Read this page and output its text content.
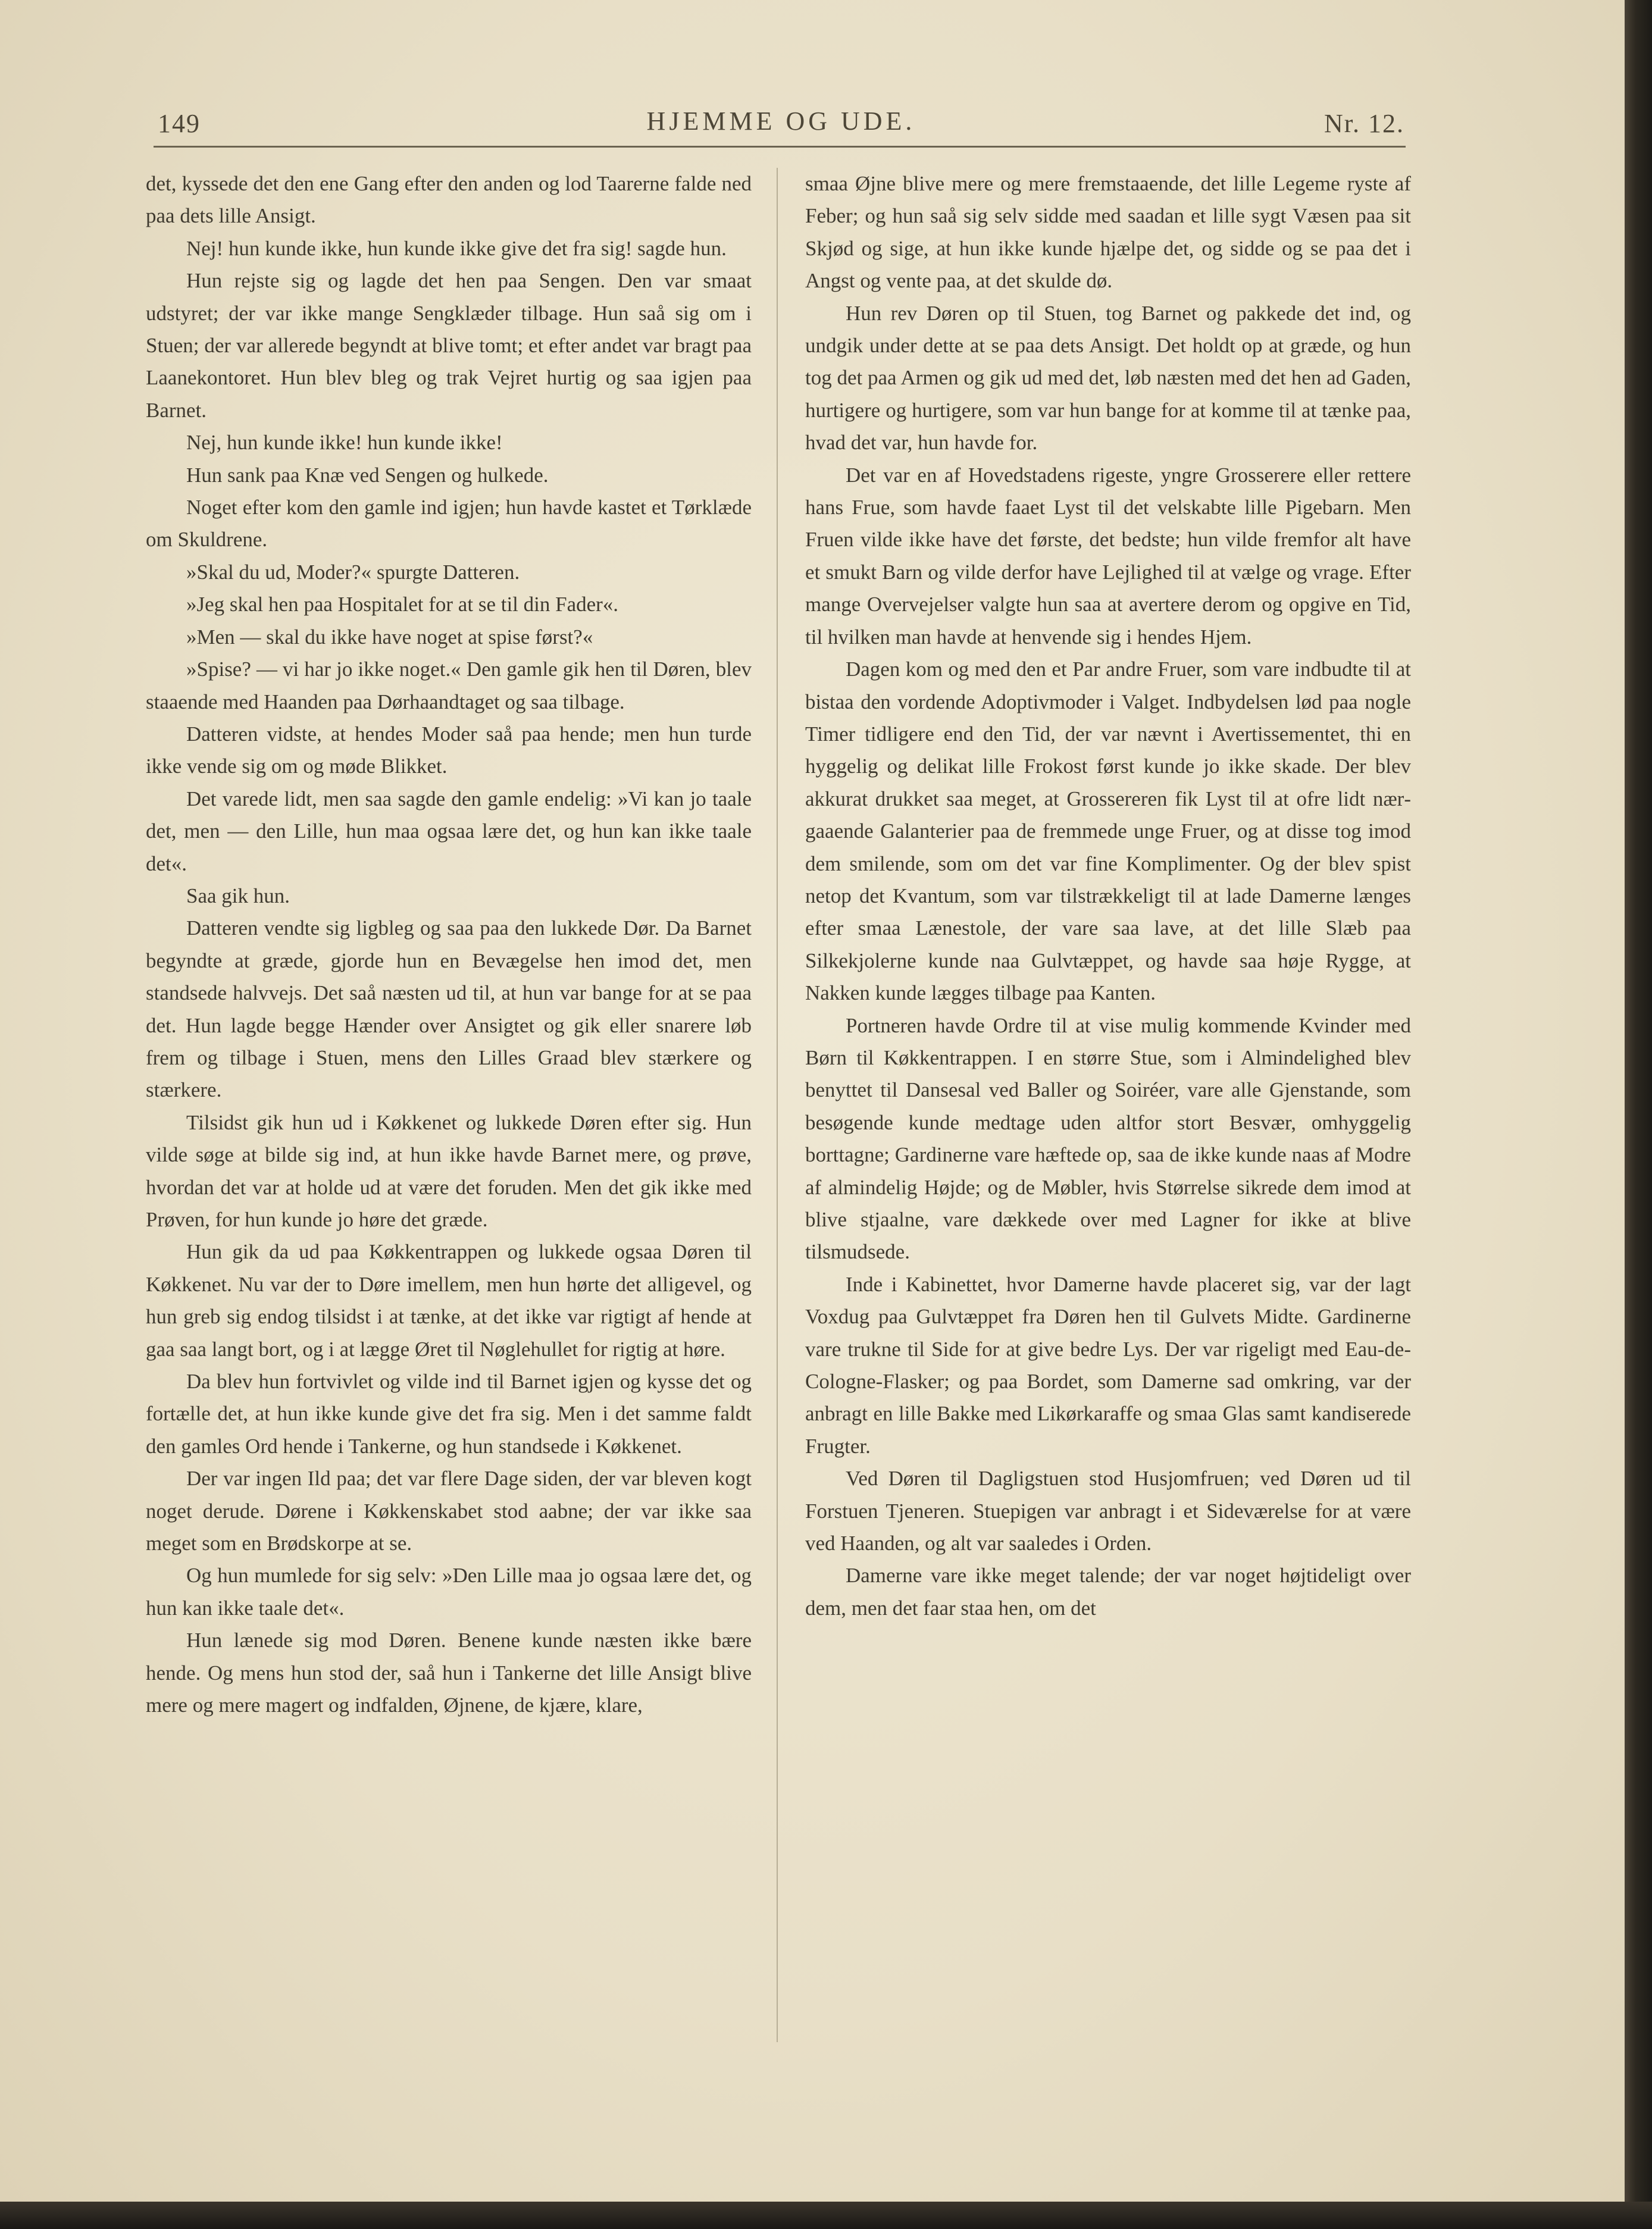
149	HJEMME OG UDE.	Nr. 12.

det, kyssede det den ene Gang efter den anden og lod Taarerne falde ned paa dets lille Ansigt.

Nej! hun kunde ikke, hun kunde ikke give det fra sig! sagde hun.

Hun rejste sig og lagde det hen paa Sengen. Den var smaat udstyret; der var ikke mange Sengklæder tilbage. Hun saå sig om i Stuen; der var allerede begyndt at blive tomt; et efter andet var bragt paa Laanekontoret. Hun blev bleg og trak Vejret hurtig og saa igjen paa Barnet.

Nej, hun kunde ikke! hun kunde ikke!

Hun sank paa Knæ ved Sengen og hulkede.

Noget efter kom den gamle ind igjen; hun havde kastet et Tørklæde om Skuldrene.

»Skal du ud, Moder?« spurgte Datteren.

»Jeg skal hen paa Hospitalet for at se til din Fader«.

»Men — skal du ikke have noget at spise først?«

»Spise? — vi har jo ikke noget.« Den gamle gik hen til Døren, blev staaende med Haanden paa Dørhaandtaget og saa tilbage.

Datteren vidste, at hendes Moder saå paa hende; men hun turde ikke vende sig om og møde Blikket.

Det varede lidt, men saa sagde den gamle endelig: »Vi kan jo taale det, men — den Lille, hun maa ogsaa lære det, og hun kan ikke taale det«.

Saa gik hun.

Datteren vendte sig ligbleg og saa paa den lukkede Dør. Da Barnet begyndte at græde, gjorde hun en Bevægelse hen imod det, men standsede halvvejs. Det saå næsten ud til, at hun var bange for at se paa det. Hun lagde begge Hænder over Ansigtet og gik eller snarere løb frem og tilbage i Stuen, mens den Lilles Graad blev stærkere og stærkere.

Tilsidst gik hun ud i Køkkenet og lukkede Døren efter sig. Hun vilde søge at bilde sig ind, at hun ikke havde Barnet mere, og prøve, hvordan det var at holde ud at være det foruden. Men det gik ikke med Prøven, for hun kunde jo høre det græde.

Hun gik da ud paa Køkkentrappen og lukkede ogsaa Døren til Køkkenet. Nu var der to Døre imellem, men hun hørte det alligevel, og hun greb sig endog tilsidst i at tænke, at det ikke var rigtigt af hende at gaa saa langt bort, og i at lægge Øret til Nøglehullet for rigtig at høre.

Da blev hun fortvivlet og vilde ind til Barnet igjen og kysse det og fortælle det, at hun ikke kunde give det fra sig. Men i det samme faldt den gamles Ord hende i Tankerne, og hun standsede i Køkkenet.

Der var ingen Ild paa; det var flere Dage siden, der var bleven kogt noget derude. Dørene i Køkkenskabet stod aabne; der var ikke saa meget som en Brødskorpe at se.

Og hun mumlede for sig selv: »Den Lille maa jo ogsaa lære det, og hun kan ikke taale det«.

Hun lænede sig mod Døren. Benene kunde næsten ikke bære hende. Og mens hun stod der, saå hun i Tankerne det lille Ansigt blive mere og mere magert og indfalden, Øjnene, de kjære, klare,

smaa Øjne blive mere og mere fremstaaende, det lille Legeme ryste af Feber; og hun saå sig selv sidde med saadan et lille sygt Væsen paa sit Skjød og sige, at hun ikke kunde hjælpe det, og sidde og se paa det i Angst og vente paa, at det skulde dø.

Hun rev Døren op til Stuen, tog Barnet og pakkede det ind, og undgik under dette at se paa dets Ansigt. Det holdt op at græde, og hun tog det paa Armen og gik ud med det, løb næsten med det hen ad Gaden, hurtigere og hurtigere, som var hun bange for at komme til at tænke paa, hvad det var, hun havde for.

Det var en af Hovedstadens rigeste, yngre Grosserere eller rettere hans Frue, som havde faaet Lyst til det velskabte lille Pigebarn. Men Fruen vilde ikke have det første, det bedste; hun vilde fremfor alt have et smukt Barn og vilde derfor have Lejlighed til at vælge og vrage. Efter mange Overvejelser valgte hun saa at avertere derom og opgive en Tid, til hvilken man havde at henvende sig i hendes Hjem.

Dagen kom og med den et Par andre Fruer, som vare indbudte til at bistaa den vordende Adoptivmoder i Valget. Indbydelsen lød paa nogle Timer tidligere end den Tid, der var nævnt i Avertissementet, thi en hyggelig og delikat lille Frokost først kunde jo ikke skade. Der blev akkurat drukket saa meget, at Grossereren fik Lyst til at ofre lidt nærgaaende Galanterier paa de fremmede unge Fruer, og at disse tog imod dem smilende, som om det var fine Komplimenter. Og der blev spist netop det Kvantum, som var tilstrækkeligt til at lade Damerne længes efter smaa Lænestole, der vare saa lave, at det lille Slæb paa Silkekjolerne kunde naa Gulvtæppet, og havde saa høje Rygge, at Nakken kunde lægges tilbage paa Kanten.

Portneren havde Ordre til at vise mulig kommende Kvinder med Børn til Køkkentrappen. I en større Stue, som i Almindelighed blev benyttet til Dansesal ved Baller og Soiréer, vare alle Gjenstande, som besøgende kunde medtage uden altfor stort Besvær, omhyggelig borttagne; Gardinerne vare hæftede op, saa de ikke kunde naas af Modre af almindelig Højde; og de Møbler, hvis Størrelse sikrede dem imod at blive stjaalne, vare dækkede over med Lagner for ikke at blive tilsmudsede.

Inde i Kabinettet, hvor Damerne havde placeret sig, var der lagt Voxdug paa Gulvtæppet fra Døren hen til Gulvets Midte. Gardinerne vare trukne til Side for at give bedre Lys. Der var rigeligt med Eau-de-Cologne-Flasker; og paa Bordet, som Damerne sad omkring, var der anbragt en lille Bakke med Likørkaraffe og smaa Glas samt kandiserede Frugter.

Ved Døren til Dagligstuen stod Husjomfruen; ved Døren ud til Forstuen Tjeneren. Stuepigen var anbragt i et Sideværelse for at være ved Haanden, og alt var saaledes i Orden.

Damerne vare ikke meget talende; der var noget højtideligt over dem, men det faar staa hen, om det
